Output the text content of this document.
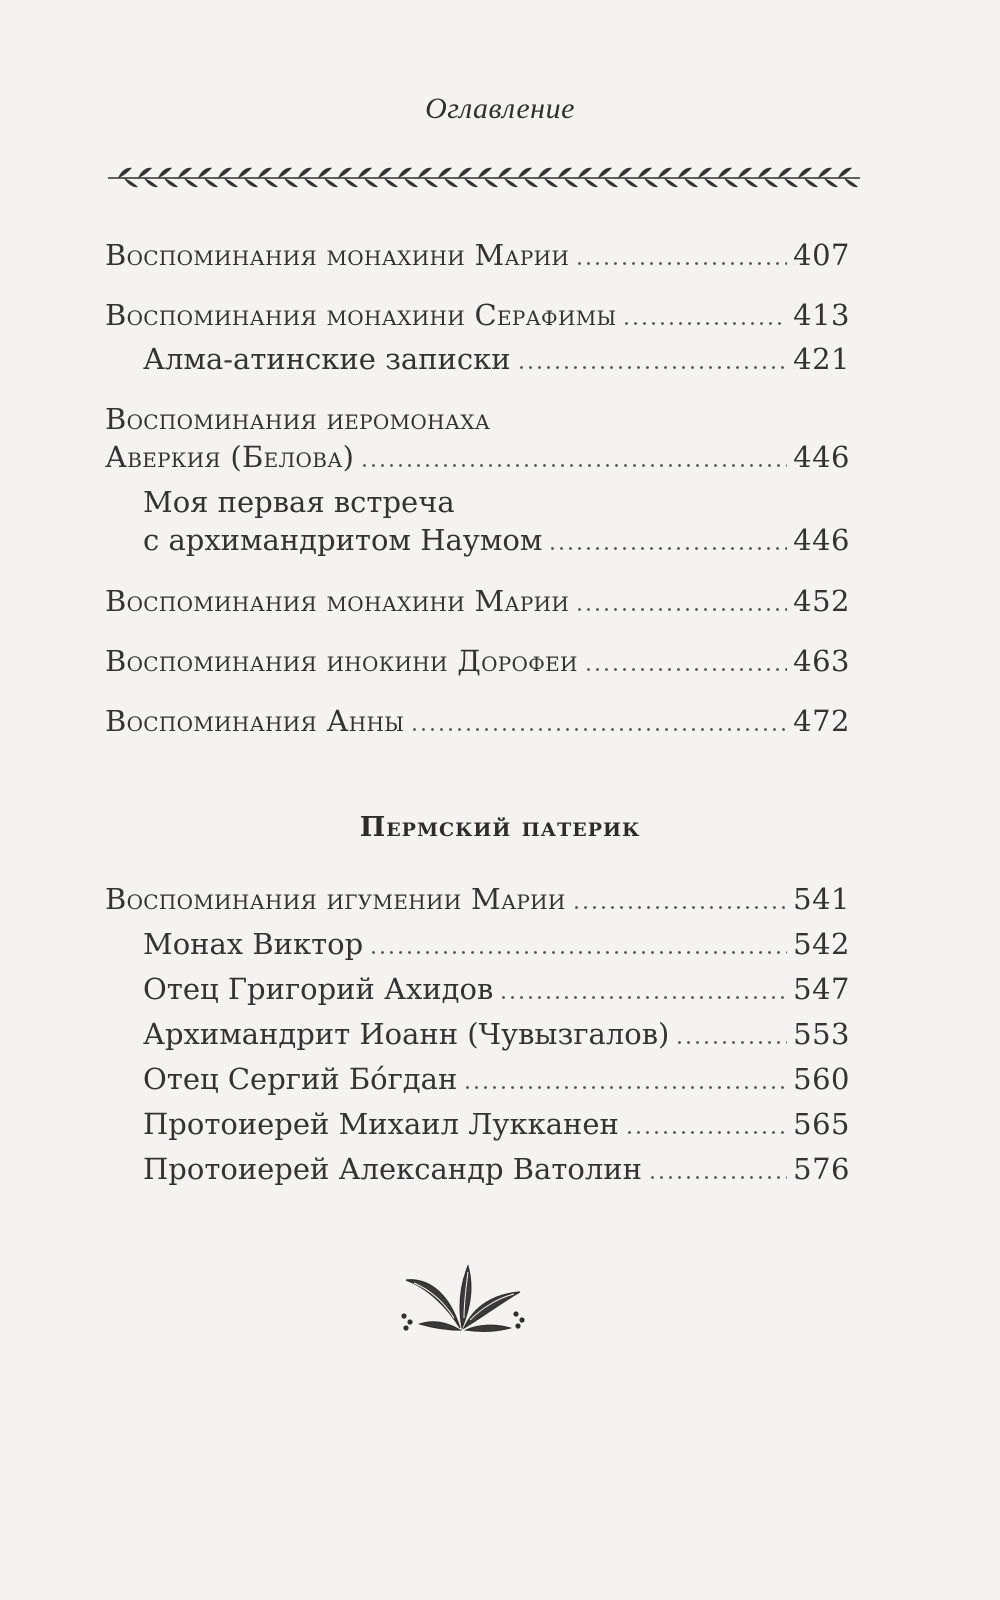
Оглавление
Воспоминания монахини Марии	407
Воспоминания монахини Серафимы	413
Алма-атинские записки	421
Воспоминания иеромонаха
Аверкия (Белова)	446
Моя первая встреча
с архимандритом Наумом	446
Воспоминания монахини Марии	452
Воспоминания инокини Дорофеи	463
Воспоминания Анны	472
Пермский патерик
Воспоминания игумении Марии	541
Монах Виктор	542
Отец Григорий Ахидов	547
Архимандрит Иоанн (Чувызгалов)	553
Отец Сергий Бо́гдан	560
Протоиерей Михаил Лукканен	565
Протоиерей Александр Ватолин	576
